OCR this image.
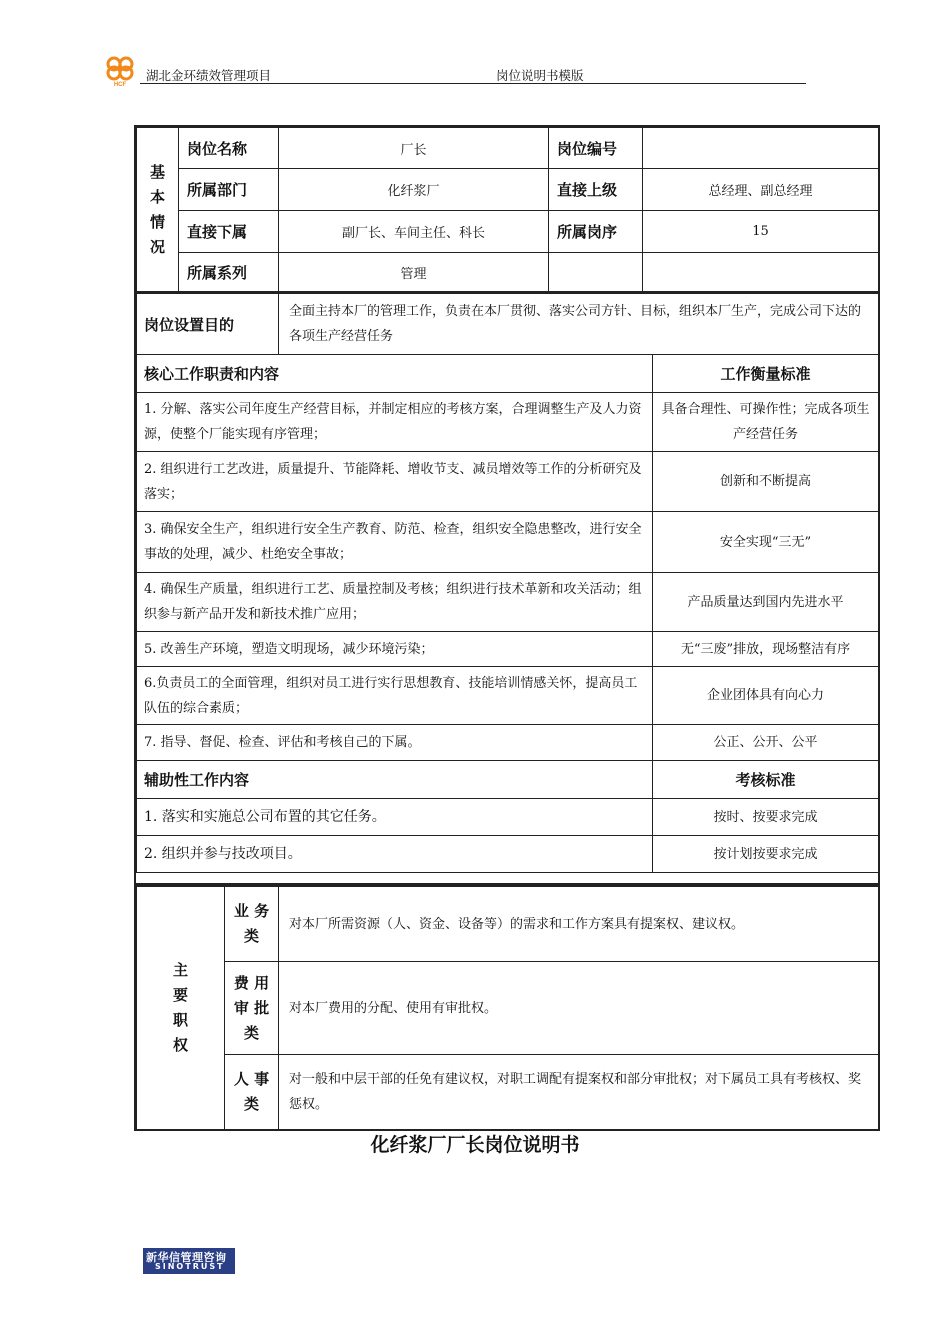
HCF
湖北金环绩效管理项目	岗位说明书模版
基
本
情
况	岗位名称	厂长	岗位编号	
	所属部门	化纤浆厂	直接上级	总经理、副总经理
	直接下属	副厂长、车间主任、科长	所属岗序	15
	所属系列	管理		
岗位设置目的	全面主持本厂的管理工作，负责在本厂贯彻、落实公司方针、目标，组织本厂生产，完成公司下达的各项生产经营任务	
核心工作职责和内容		工作衡量标准
1. 分解、落实公司年度生产经营目标，并制定相应的考核方案，合理调整生产及人力资源，使整个厂能实现有序管理；		具备合理性、可操作性；完成各项生产经营任务
2. 组织进行工艺改进，质量提升、节能降耗、增收节支、减员增效等工作的分析研究及落实；		创新和不断提高
3. 确保安全生产，组织进行安全生产教育、防范、检查，组织安全隐患整改，进行安全事故的处理，减少、杜绝安全事故；		安全实现“三无”
4. 确保生产质量，组织进行工艺、质量控制及考核；组织进行技术革新和攻关活动；组织参与新产品开发和新技术推广应用；		产品质量达到国内先进水平
5. 改善生产环境，塑造文明现场，减少环境污染；		无“三废”排放，现场整洁有序
6.负责员工的全面管理，组织对员工进行实行思想教育、技能培训情感关怀，提高员工队伍的综合素质；		企业团体具有向心力
7. 指导、督促、检查、评估和考核自己的下属。		公正、公开、公平
辅助性工作内容		考核标准
1. 落实和实施总公司布置的其它任务。		按时、按要求完成
2. 组织并参与技改项目。		按计划按要求完成
主
要
职
权	业 务
类	对本厂所需资源（人、资金、设备等）的需求和工作方案具有提案权、建议权。

	费 用
审 批
类	对本厂费用的分配、使用有审批权。

	人 事
类	对一般和中层干部的任免有建议权，对职工调配有提案权和部分审批权；对下属员工具有考核权、奖惩权。
化纤浆厂厂长岗位说明书
新华信管理咨询
SINOTRUST
